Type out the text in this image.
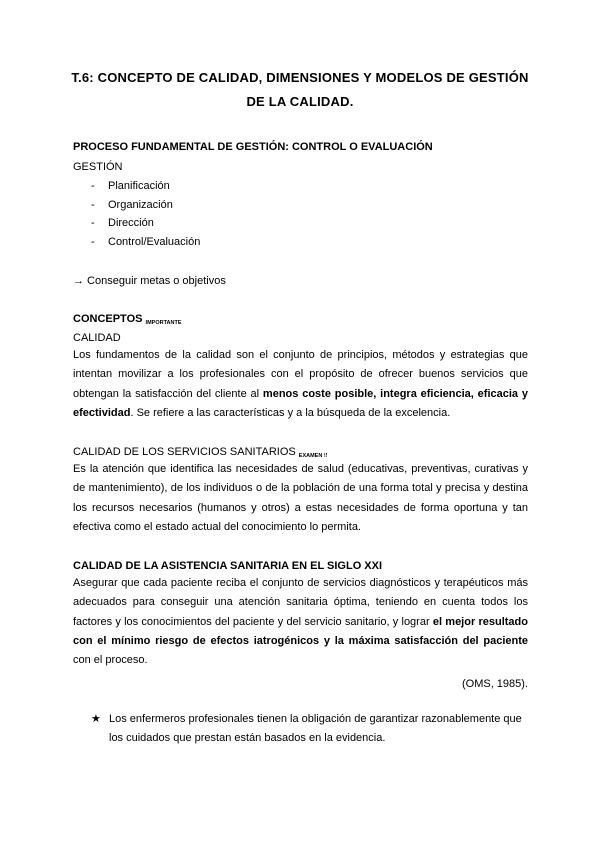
T.6: CONCEPTO DE CALIDAD, DIMENSIONES Y MODELOS DE GESTIÓN
DE LA CALIDAD.
PROCESO FUNDAMENTAL DE GESTIÓN: CONTROL O EVALUACIÓN
GESTIÓN
- Planificación
- Organización
- Dirección
- Control/Evaluación
→ Conseguir metas o objetivos
CONCEPTOS IMPORTANTE
CALIDAD
Los fundamentos de la calidad son el conjunto de principios, métodos y estrategias que intentan movilizar a los profesionales con el propósito de ofrecer buenos servicios que obtengan la satisfacción del cliente al menos coste posible, integra eficiencia, eficacia y efectividad. Se refiere a las características y a la búsqueda de la excelencia.
CALIDAD DE LOS SERVICIOS SANITARIOS EXAMEN !!
Es la atención que identifica las necesidades de salud (educativas, preventivas, curativas y de mantenimiento), de los individuos o de la población de una forma total y precisa y destina los recursos necesarios (humanos y otros) a estas necesidades de forma oportuna y tan efectiva como el estado actual del conocimiento lo permita.
CALIDAD DE LA ASISTENCIA SANITARIA EN EL SIGLO XXI
Asegurar que cada paciente reciba el conjunto de servicios diagnósticos y terapéuticos más adecuados para conseguir una atención sanitaria óptima, teniendo en cuenta todos los factores y los conocimientos del paciente y del servicio sanitario, y lograr el mejor resultado con el mínimo riesgo de efectos iatrogénicos y la máxima satisfacción del paciente con el proceso.
(OMS, 1985).
★ Los enfermeros profesionales tienen la obligación de garantizar razonablemente que los cuidados que prestan están basados en la evidencia.
